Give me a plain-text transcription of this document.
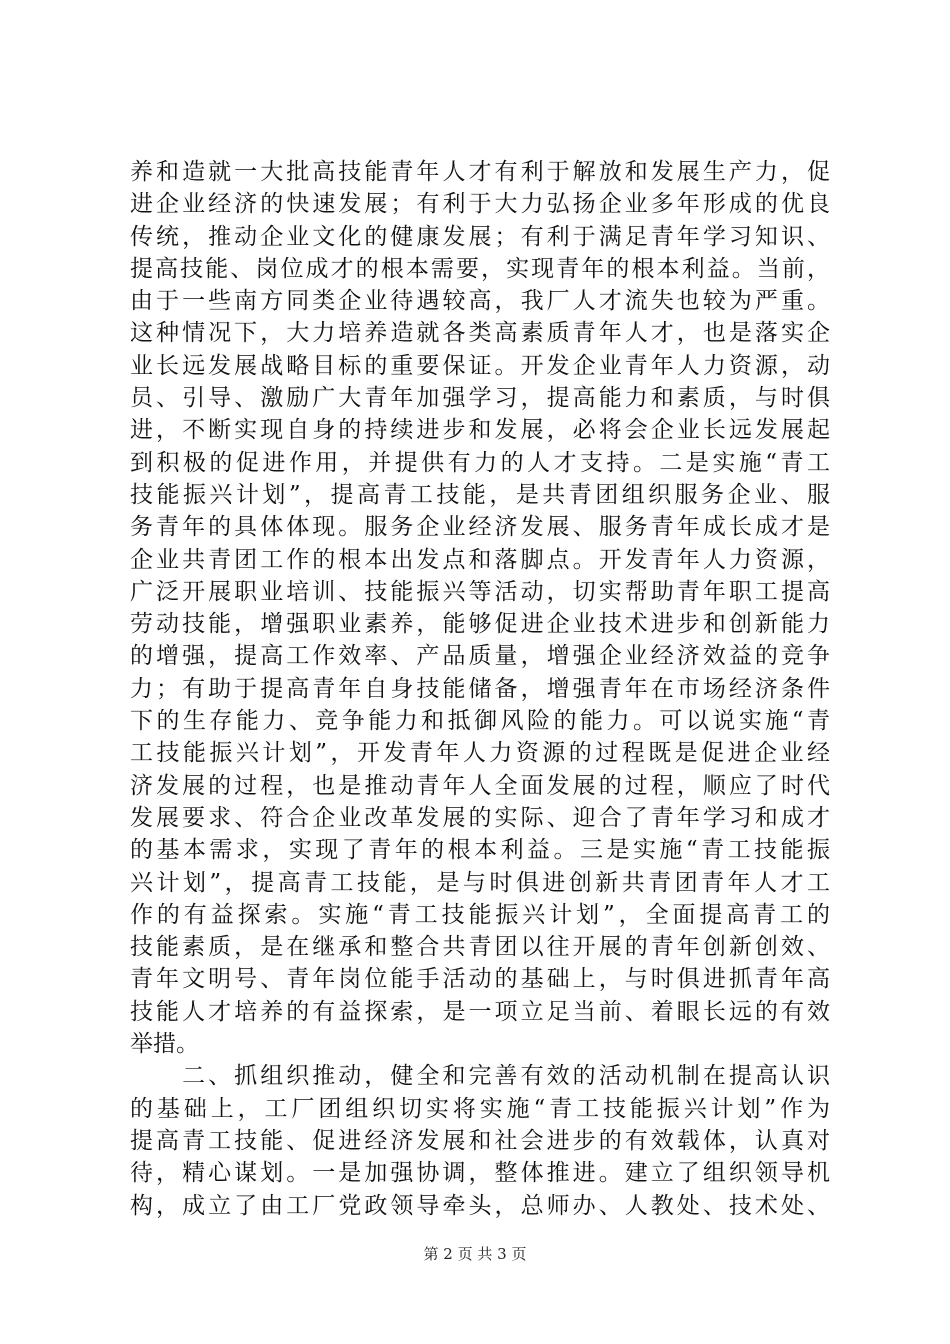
养和造就一大批高技能青年人才有利于解放和发展生产力，促
进企业经济的快速发展；有利于大力弘扬企业多年形成的优良
传统，推动企业文化的健康发展；有利于满足青年学习知识、
提高技能、岗位成才的根本需要，实现青年的根本利益。当前，
由于一些南方同类企业待遇较高，我厂人才流失也较为严重。
这种情况下，大力培养造就各类高素质青年人才，也是落实企
业长远发展战略目标的重要保证。开发企业青年人力资源，动
员、引导、激励广大青年加强学习，提高能力和素质，与时俱
进，不断实现自身的持续进步和发展，必将会企业长远发展起
到积极的促进作用，并提供有力的人才支持。二是实施“青工
技能振兴计划”，提高青工技能，是共青团组织服务企业、服
务青年的具体体现。服务企业经济发展、服务青年成长成才是
企业共青团工作的根本出发点和落脚点。开发青年人力资源，
广泛开展职业培训、技能振兴等活动，切实帮助青年职工提高
劳动技能，增强职业素养，能够促进企业技术进步和创新能力
的增强，提高工作效率、产品质量，增强企业经济效益的竞争
力；有助于提高青年自身技能储备，增强青年在市场经济条件
下的生存能力、竞争能力和抵御风险的能力。可以说实施“青
工技能振兴计划”，开发青年人力资源的过程既是促进企业经
济发展的过程，也是推动青年人全面发展的过程，顺应了时代
发展要求、符合企业改革发展的实际、迎合了青年学习和成才
的基本需求，实现了青年的根本利益。三是实施“青工技能振
兴计划”，提高青工技能，是与时俱进创新共青团青年人才工
作的有益探索。实施“青工技能振兴计划”，全面提高青工的
技能素质，是在继承和整合共青团以往开展的青年创新创效、
青年文明号、青年岗位能手活动的基础上，与时俱进抓青年高
技能人才培养的有益探索，是一项立足当前、着眼长远的有效
举措。
　　二、抓组织推动，健全和完善有效的活动机制在提高认识
的基础上，工厂团组织切实将实施“青工技能振兴计划”作为
提高青工技能、促进经济发展和社会进步的有效载体，认真对
待，精心谋划。一是加强协调，整体推进。建立了组织领导机
构，成立了由工厂党政领导牵头，总师办、人教处、技术处、
第 2 页 共 3 页
